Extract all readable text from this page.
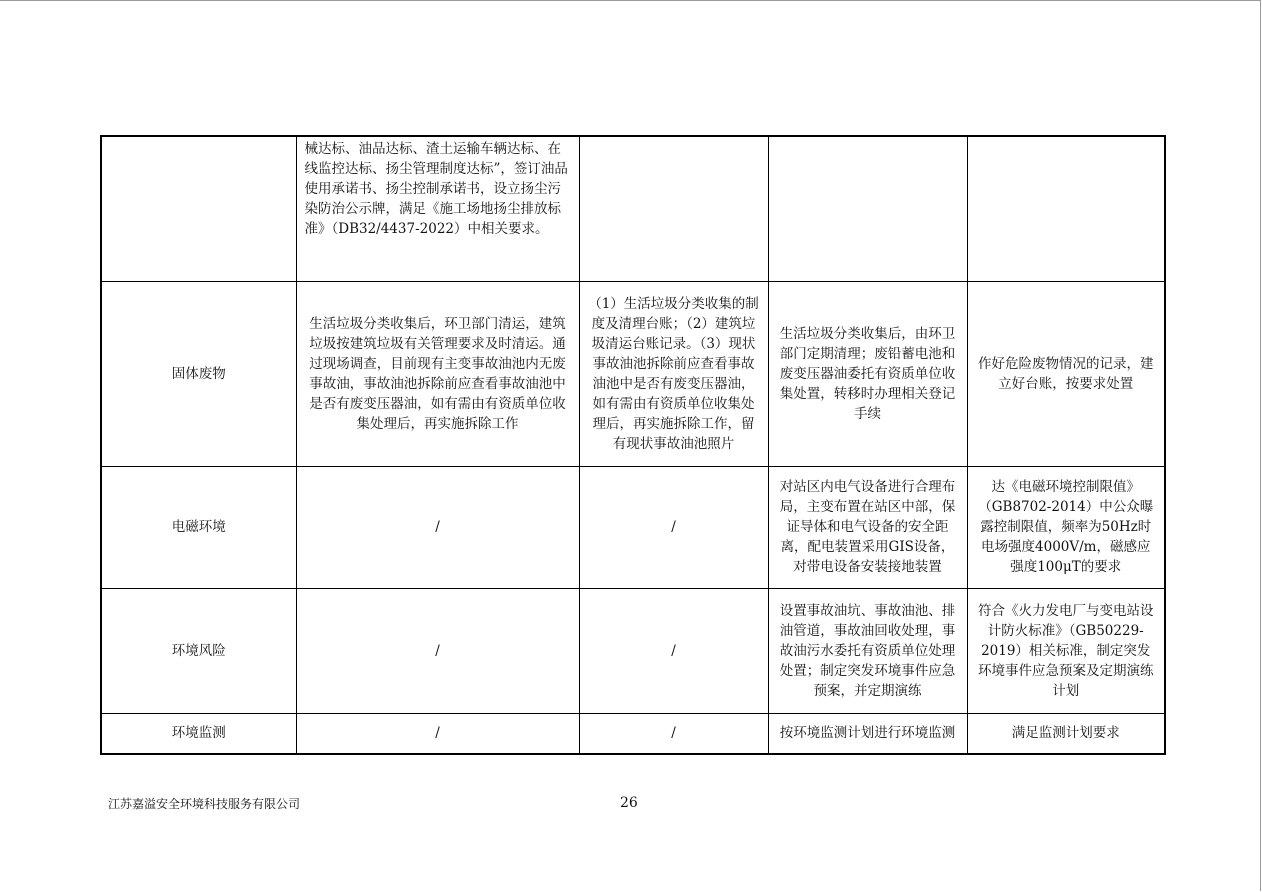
	械达标、油品达标、渣土运输车辆达标、在线监控达标、扬尘管理制度达标”，签订油品使用承诺书、扬尘控制承诺书，设立扬尘污染防治公示牌，满足《施工场地扬尘排放标准》（DB32/4437-2022）中相关要求。			
固体废物	生活垃圾分类收集后，环卫部门清运，建筑垃圾按建筑垃圾有关管理要求及时清运。通过现场调查，目前现有主变事故油池内无废事故油，事故油池拆除前应查看事故油池中是否有废变压器油，如有需由有资质单位收集处理后，再实施拆除工作	（1）生活垃圾分类收集的制度及清理台账；（2）建筑垃圾清运台账记录。（3）现状事故油池拆除前应查看事故油池中是否有废变压器油，如有需由有资质单位收集处理后，再实施拆除工作，留有现状事故油池照片	生活垃圾分类收集后，由环卫部门定期清理；废铅蓄电池和废变压器油委托有资质单位收集处置，转移时办理相关登记手续	作好危险废物情况的记录，建立好台账，按要求处置
电磁环境	/	/	对站区内电气设备进行合理布局，主变布置在站区中部，保证导体和电气设备的安全距离，配电装置采用GIS设备，对带电设备安装接地装置	达《电磁环境控制限值》（GB8702-2014）中公众曝露控制限值，频率为50Hz时电场强度4000V/m，磁感应强度100μT的要求
环境风险	/	/	设置事故油坑、事故油池、排油管道，事故油回收处理，事故油污水委托有资质单位处理处置；制定突发环境事件应急预案，并定期演练	符合《火力发电厂与变电站设计防火标准》（GB50229-2019）相关标准，制定突发环境事件应急预案及定期演练计划
环境监测	/	/	按环境监测计划进行环境监测	满足监测计划要求
江苏嘉溢安全环境科技服务有限公司	26
